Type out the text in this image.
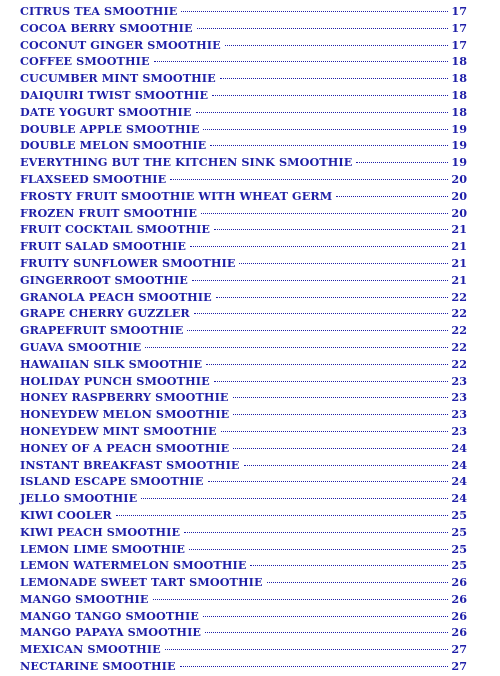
CITRUS TEA SMOOTHIE	17
COCOA BERRY SMOOTHIE	17
COCONUT GINGER SMOOTHIE	17
COFFEE SMOOTHIE	18
CUCUMBER MINT SMOOTHIE	18
DAIQUIRI TWIST SMOOTHIE	18
DATE YOGURT SMOOTHIE	18
DOUBLE APPLE SMOOTHIE	19
DOUBLE MELON SMOOTHIE	19
EVERYTHING BUT THE KITCHEN SINK SMOOTHIE	19
FLAXSEED SMOOTHIE	20
FROSTY FRUIT SMOOTHIE WITH WHEAT GERM	20
FROZEN FRUIT SMOOTHIE	20
FRUIT COCKTAIL SMOOTHIE	21
FRUIT SALAD SMOOTHIE	21
FRUITY SUNFLOWER SMOOTHIE	21
GINGERROOT SMOOTHIE	21
GRANOLA PEACH SMOOTHIE	22
GRAPE CHERRY GUZZLER	22
GRAPEFRUIT SMOOTHIE	22
GUAVA SMOOTHIE	22
HAWAIIAN SILK SMOOTHIE	22
HOLIDAY PUNCH SMOOTHIE	23
HONEY RASPBERRY SMOOTHIE	23
HONEYDEW MELON SMOOTHIE	23
HONEYDEW MINT SMOOTHIE	23
HONEY OF A PEACH SMOOTHIE	24
INSTANT BREAKFAST SMOOTHIE	24
ISLAND ESCAPE SMOOTHIE	24
JELLO SMOOTHIE	24
KIWI COOLER	25
KIWI PEACH SMOOTHIE	25
LEMON LIME SMOOTHIE	25
LEMON WATERMELON SMOOTHIE	25
LEMONADE SWEET TART SMOOTHIE	26
MANGO SMOOTHIE	26
MANGO TANGO SMOOTHIE	26
MANGO PAPAYA SMOOTHIE	26
MEXICAN SMOOTHIE	27
NECTARINE SMOOTHIE	27
